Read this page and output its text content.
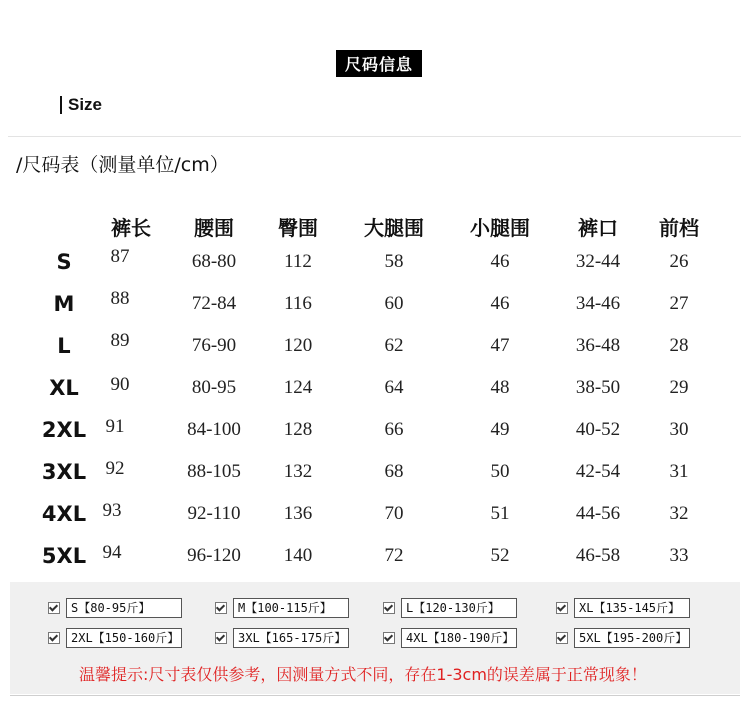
尺码信息
Size
/尺码表（测量单位/cm）
裤长 腰围 臀围 大腿围 小腿围 裤口 前档
S 87	68-80	112	58	46	32-44	26
M 88	72-84	116	60	46	34-46	27
L 89	76-90	120	62	47	36-48	28
XL 90	80-95	124	64	48	38-50	29
2XL 91	84-100 128	66	49	40-52	30
3XL 92	88-105 132	68	50	42-54	31
4XL 93	92-110 136	70	51	44-56	32
5XL 94	96-120 140	72	52	46-58	33
S【80-95斤】	M【100-115斤】	L【120-130斤】	XL【135-145斤】
2XL【150-160斤】	3XL【165-175斤】	4XL【180-190斤】	5XL【195-200斤】
温馨提示:尺寸表仅供参考，因测量方式不同，存在1-3cm的误差属于正常现象！
